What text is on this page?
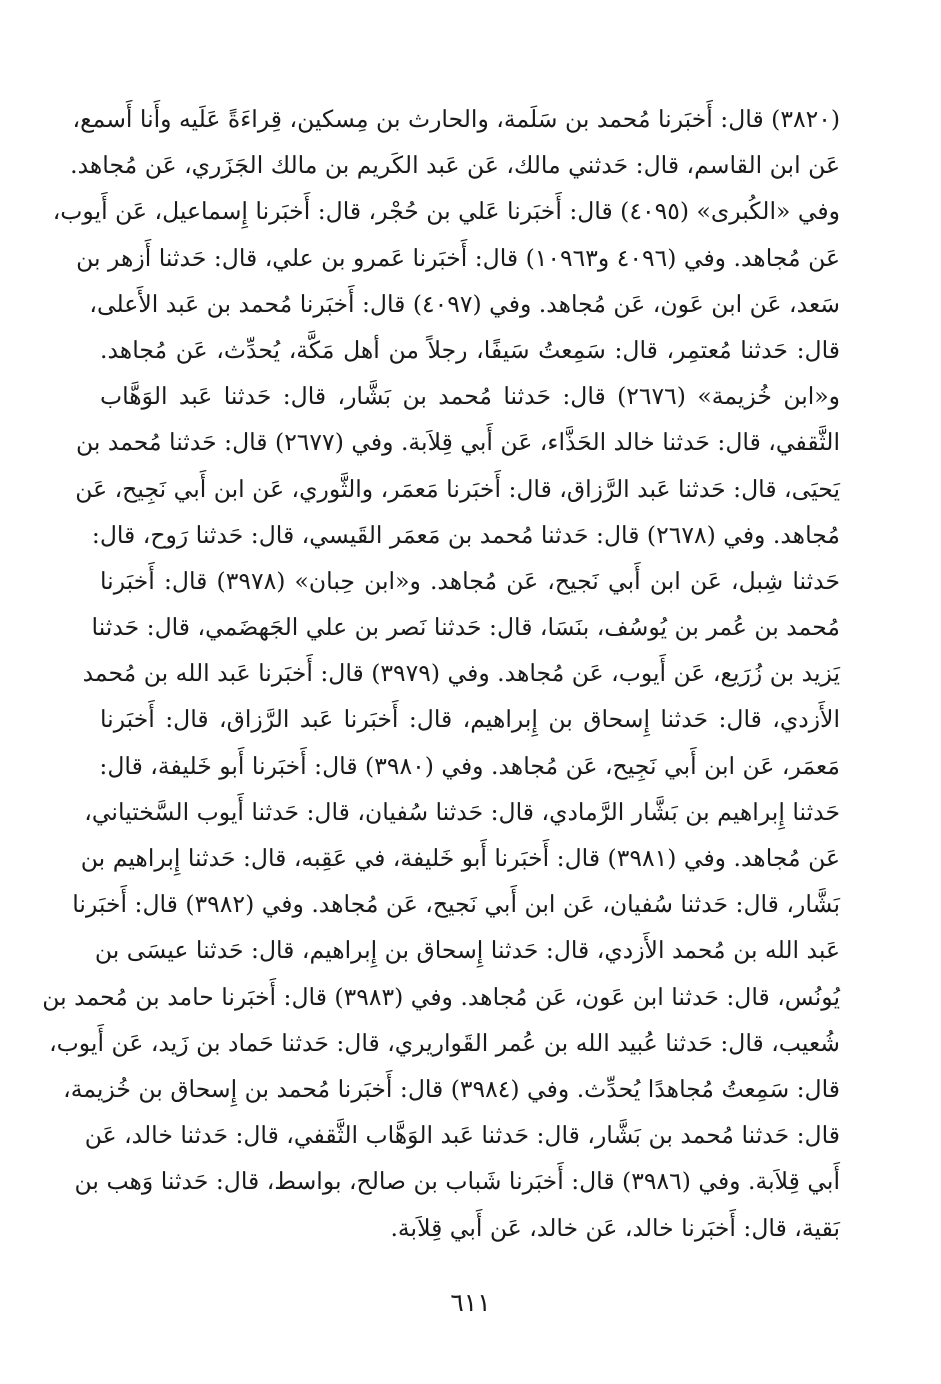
(٣٨٢٠) قال: أَخبَرنا مُحمد بن سَلَمة، والحارث بن مِسكين، قِراءَةً عَلَيه وأَنا أَسمع،
عَن ابن القاسم، قال: حَدثني مالك، عَن عَبد الكَريم بن مالك الجَزَري، عَن مُجاهد.
وفي «الكُبرى» (٤٠٩٥) قال: أَخبَرنا عَلي بن حُجْر، قال: أَخبَرنا إِسماعيل، عَن أَيوب،
عَن مُجاهد. وفي (٤٠٩٦ و١٠٩٦٣) قال: أَخبَرنا عَمرو بن علي، قال: حَدثنا أَزهر بن
سَعد، عَن ابن عَون، عَن مُجاهد. وفي (٤٠٩٧) قال: أَخبَرنا مُحمد بن عَبد الأَعلى،
قال: حَدثنا مُعتمِر، قال: سَمِعتُ سَيفًا، رجلاً من أهل مَكَّة، يُحدِّث، عَن مُجاهد.
و«ابن خُزيمة» (٢٦٧٦) قال: حَدثنا مُحمد بن بَشَّار، قال: حَدثنا عَبد الوَهَّاب
الثَّقفي، قال: حَدثنا خالد الحَذَّاء، عَن أَبي قِلاَبة. وفي (٢٦٧٧) قال: حَدثنا مُحمد بن
يَحيَى، قال: حَدثنا عَبد الرَّزاق، قال: أَخبَرنا مَعمَر، والثَّوري، عَن ابن أَبي نَجِيح، عَن
مُجاهد. وفي (٢٦٧٨) قال: حَدثنا مُحمد بن مَعمَر القَيسي، قال: حَدثنا رَوح، قال:
حَدثنا شِبل، عَن ابن أَبي نَجيح، عَن مُجاهد. و«ابن حِبان» (٣٩٧٨) قال: أَخبَرنا
مُحمد بن عُمر بن يُوسُف، بنَسَا، قال: حَدثنا نَصر بن علي الجَهضَمي، قال: حَدثنا
يَزيد بن زُرَيع، عَن أَيوب، عَن مُجاهد. وفي (٣٩٧٩) قال: أَخبَرنا عَبد الله بن مُحمد
الأَزدي، قال: حَدثنا إِسحاق بن إِبراهيم، قال: أَخبَرنا عَبد الرَّزاق، قال: أَخبَرنا
مَعمَر، عَن ابن أَبي نَجِيح، عَن مُجاهد. وفي (٣٩٨٠) قال: أَخبَرنا أَبو خَليفة، قال:
حَدثنا إِبراهيم بن بَشَّار الرَّمادي، قال: حَدثنا سُفيان، قال: حَدثنا أَيوب السَّختياني،
عَن مُجاهد. وفي (٣٩٨١) قال: أَخبَرنا أَبو خَليفة، في عَقِبه، قال: حَدثنا إِبراهيم بن
بَشَّار، قال: حَدثنا سُفيان، عَن ابن أَبي نَجيح، عَن مُجاهد. وفي (٣٩٨٢) قال: أَخبَرنا
عَبد الله بن مُحمد الأَزدي، قال: حَدثنا إِسحاق بن إِبراهيم، قال: حَدثنا عيسَى بن
يُونُس، قال: حَدثنا ابن عَون، عَن مُجاهد. وفي (٣٩٨٣) قال: أَخبَرنا حامد بن مُحمد بن
شُعيب، قال: حَدثنا عُبيد الله بن عُمر القَواريري، قال: حَدثنا حَماد بن زَيد، عَن أَيوب،
قال: سَمِعتُ مُجاهدًا يُحدِّث. وفي (٣٩٨٤) قال: أَخبَرنا مُحمد بن إِسحاق بن خُزيمة،
قال: حَدثنا مُحمد بن بَشَّار، قال: حَدثنا عَبد الوَهَّاب الثَّقفي، قال: حَدثنا خالد، عَن
أَبي قِلاَبة. وفي (٣٩٨٦) قال: أَخبَرنا شَباب بن صالح، بواسط، قال: حَدثنا وَهب بن
بَقية، قال: أَخبَرنا خالد، عَن خالد، عَن أَبي قِلاَبة.
٦١١
